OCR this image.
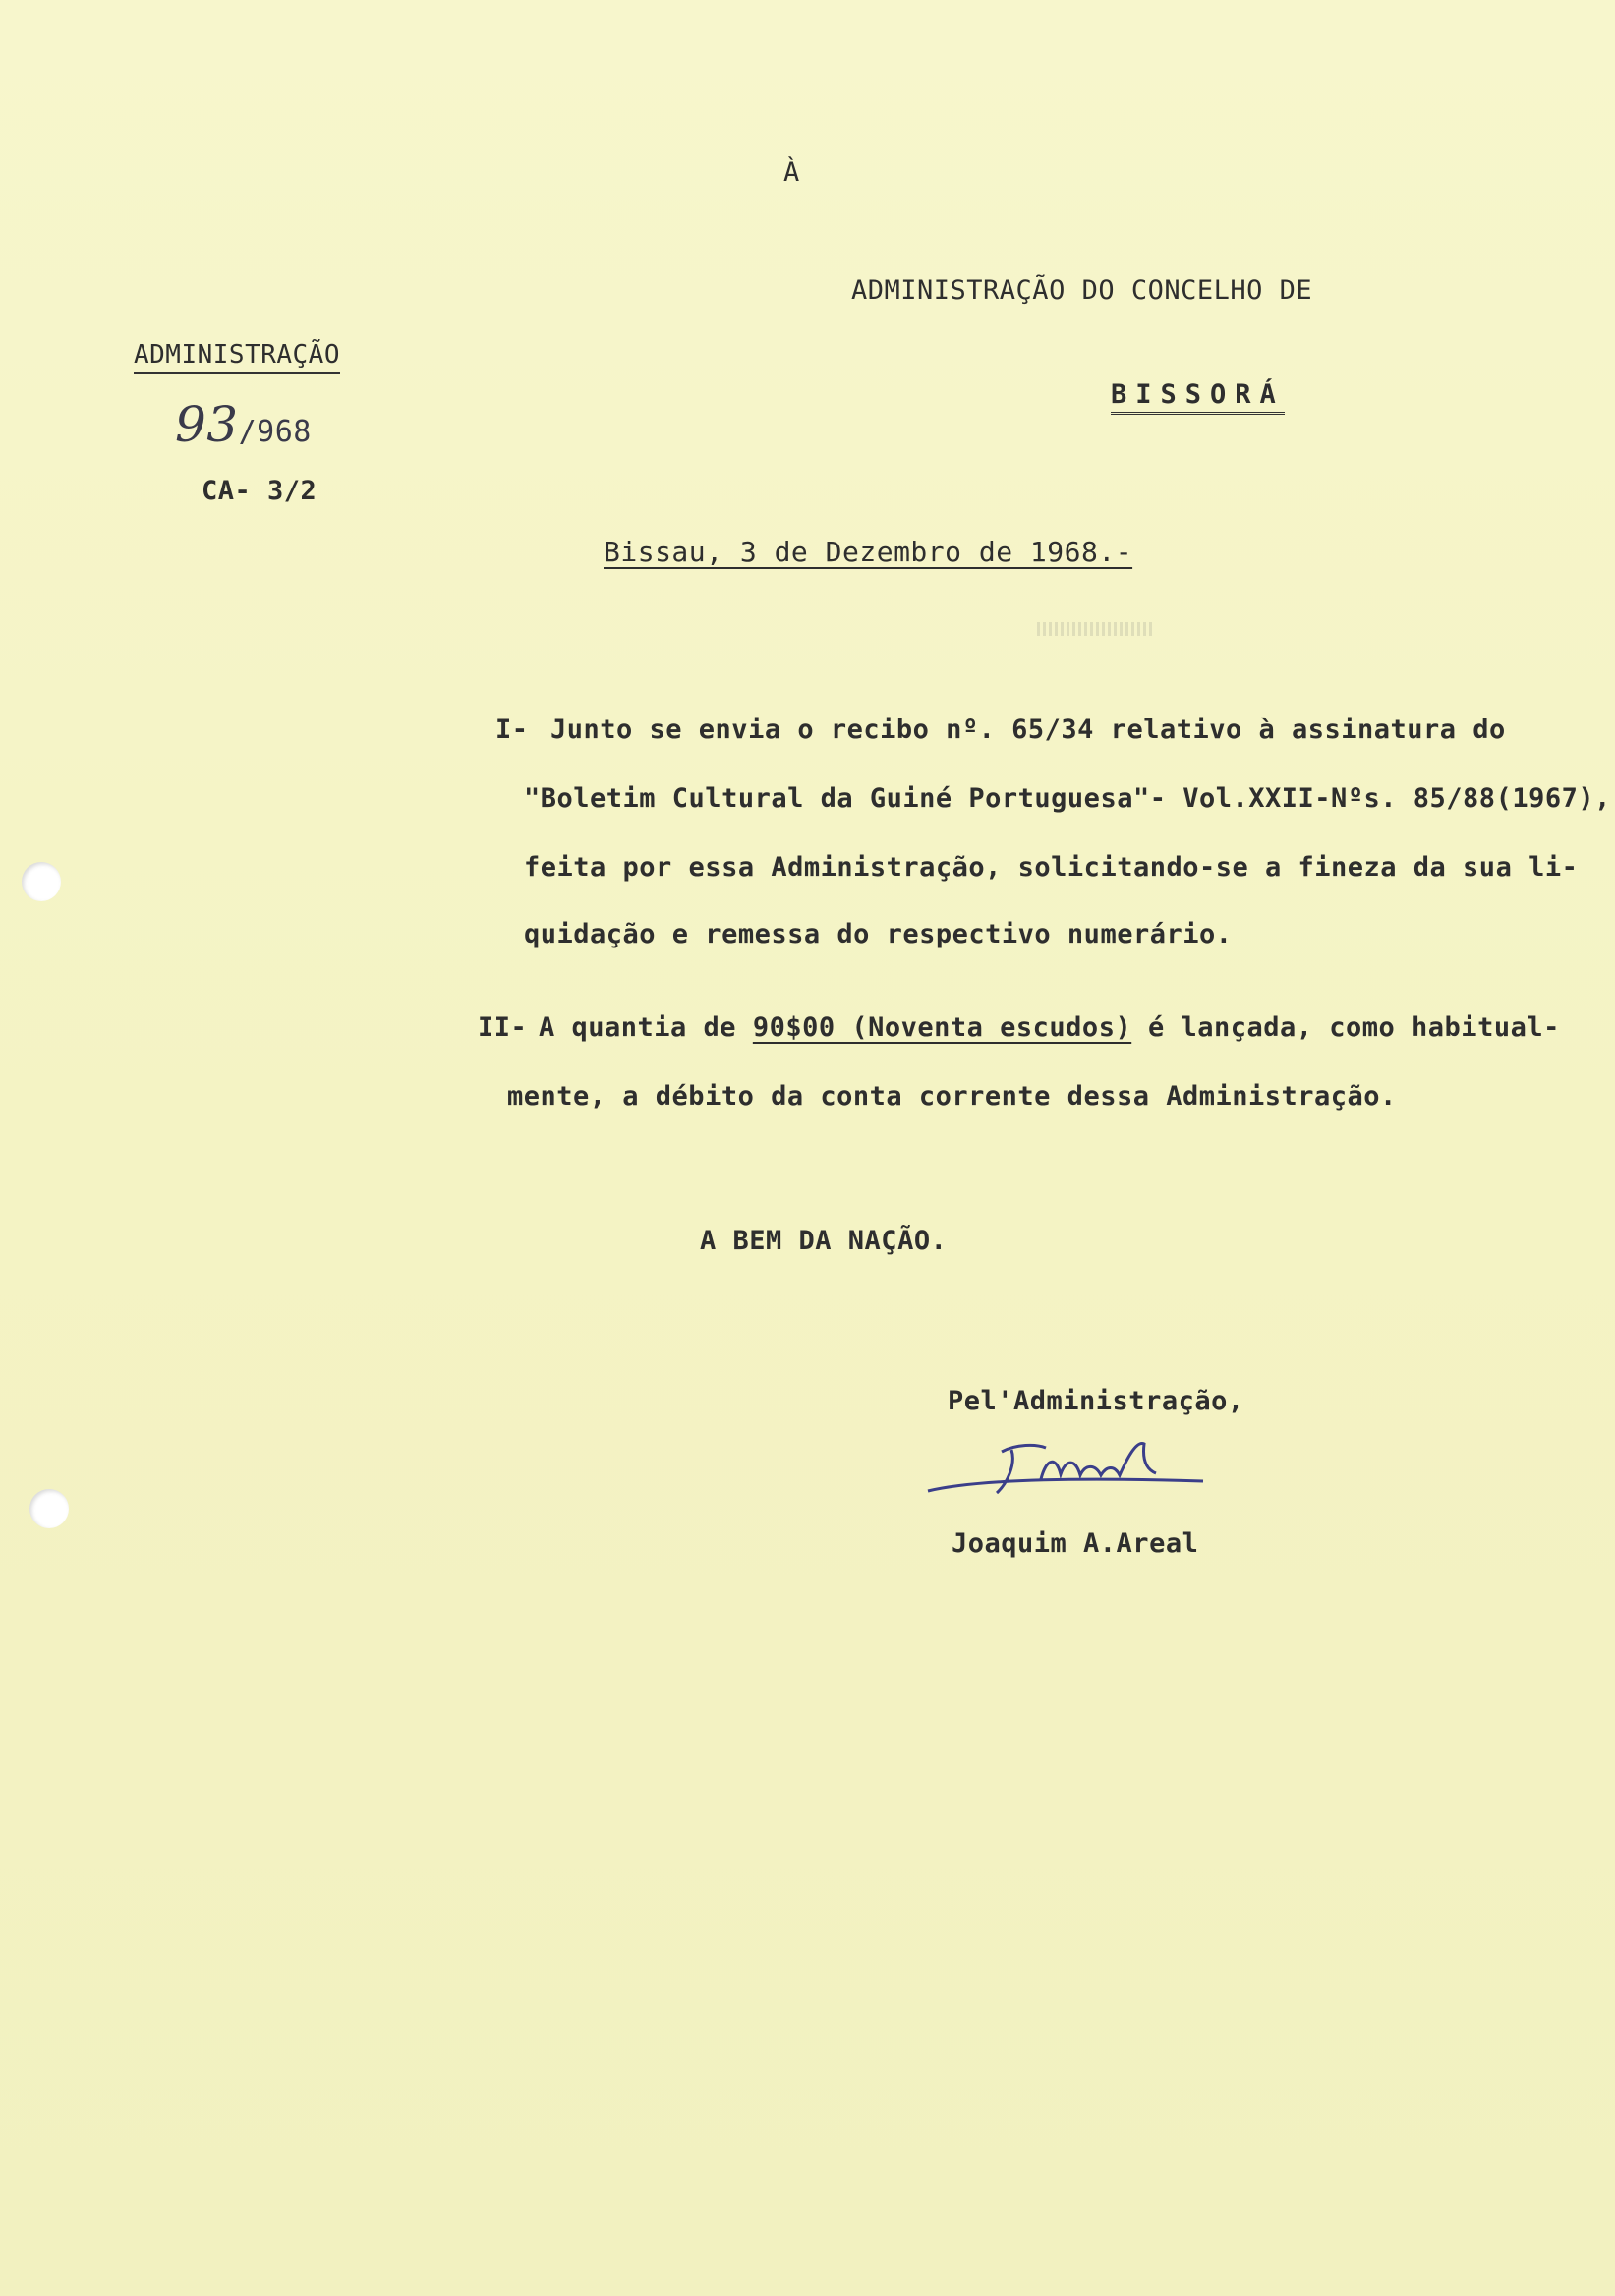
À
ADMINISTRAÇÃO DO CONCELHO DE
BISSORÁ
ADMINISTRAÇÃO
93/968
CA- 3/2
Bissau, 3 de Dezembro de 1968.-
I- Junto se envia o recibo nº. 65/34 relativo à assinatura do
"Boletim Cultural da Guiné Portuguesa"- Vol.XXII-Nºs. 85/88(1967),
feita por essa Administração, solicitando-se a fineza da sua li-
quidação e remessa do respectivo numerário.
II- A quantia de 90$00 (Noventa escudos) é lançada, como habitual-
mente, a débito da conta corrente dessa Administração.
A BEM DA NAÇÃO.
Pel'Administração,
Joaquim A.Areal
